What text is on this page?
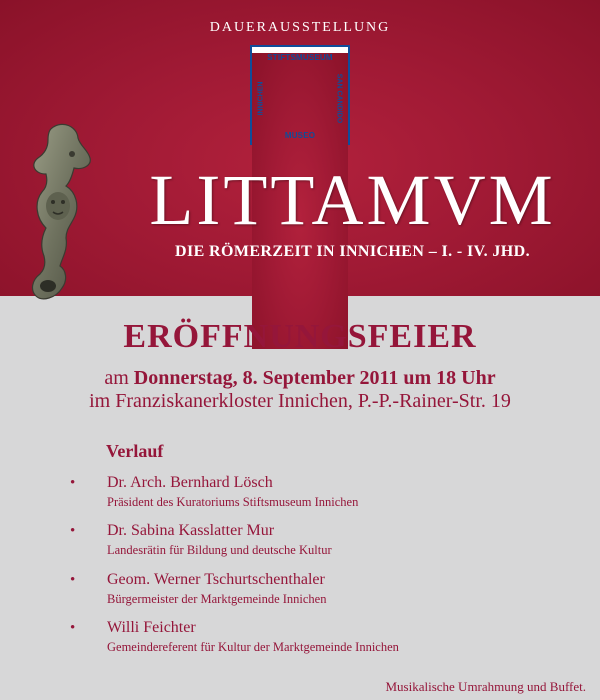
DAUERAUSSTELLUNG
STIFTSMUSEUM
MUSEO
INNICHEN	SAN CANDIDO
LITTAMVM
DIE RÖMERZEIT IN INNICHEN – I. - IV. JHD.
ERÖFFNUNGSFEIER
am Donnerstag, 8. September 2011 um 18 Uhr
im Franziskanerkloster Innichen, P.-P.-Rainer-Str. 19
Verlauf
• Dr. Arch. Bernhard Lösch
Präsident des Kuratoriums Stiftsmuseum Innichen
• Dr. Sabina Kasslatter Mur
Landesrätin für Bildung und deutsche Kultur
• Geom. Werner Tschurtschenthaler
Bürgermeister der Marktgemeinde Innichen
• Willi Feichter
Gemeindereferent für Kultur der Marktgemeinde Innichen
Musikalische Umrahmung und Buffet.
